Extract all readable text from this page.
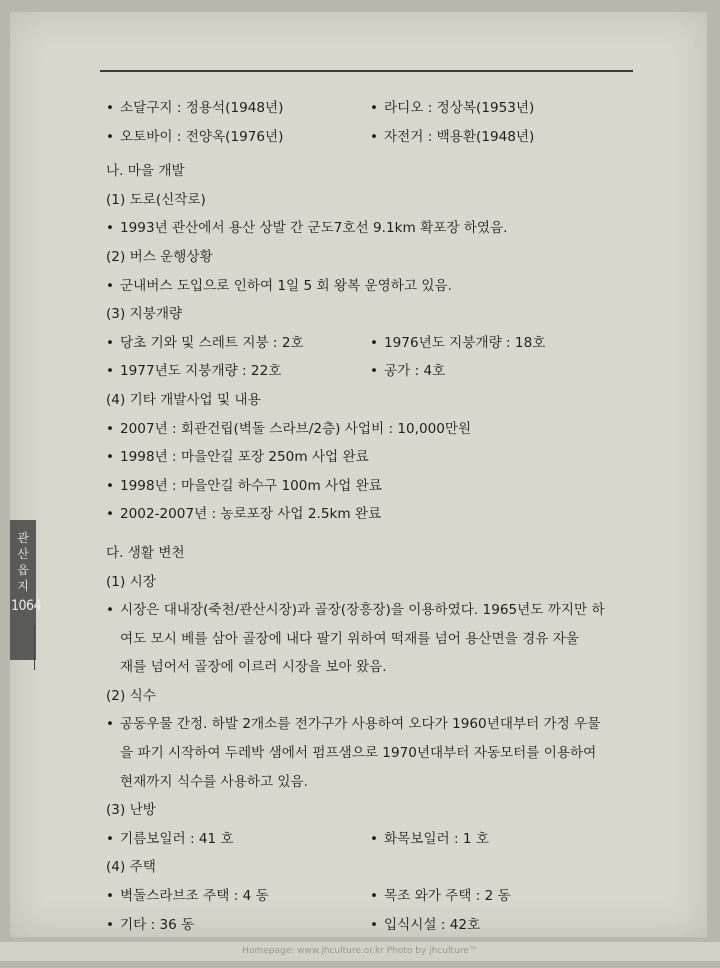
• 소달구지 : 정용석(1948년)	• 라디오 : 정상복(1953년)
• 오토바이 : 전양옥(1976년)	• 자전거 : 백용환(1948년)
나. 마을 개발
(1) 도로(신작로)
• 1993년 관산에서 용산 상발 간 군도7호선 9.1km 확포장 하였음.
(2) 버스 운행상황
• 군내버스 도입으로 인하여 1일 5 회 왕복 운영하고 있음.
(3) 지붕개량
• 당초 기와 및 스레트 지붕 : 2호	• 1976년도 지붕개량 : 18호
• 1977년도 지붕개량 : 22호	• 공가 : 4호
(4) 기타 개발사업 및 내용
• 2007년 : 회관건립(벽돌 스라브/2층) 사업비 : 10,000만원
• 1998년 : 마을안길 포장 250m 사업 완료
• 1998년 : 마을안길 하수구 100m 사업 완료
• 2002-2007년 : 농로포장 사업 2.5km 완료
다. 생활 변천
(1) 시장
• 시장은 대내장(죽천/관산시장)과 골장(장흥장)을 이용하였다. 1965년도 까지만 하
여도 모시 베를 삼아 골장에 내다 팔기 위하여 떡재를 넘어 용산면을 경유 자울
재를 넘어서 골장에 이르러 시장을 보아 왔음.
(2) 식수
• 공동우물 간정. 하발 2개소를 전가구가 사용하여 오다가 1960년대부터 가정 우물
을 파기 시작하여 두레박 샘에서 펌프샘으로 1970년대부터 자동모터를 이용하여
현재까지 식수를 사용하고 있음.
(3) 난방
• 기름보일러 : 41 호	• 화목보일러 : 1 호
(4) 주택
• 벽돌스라브조 주택 : 4 동	• 목조 와가 주택 : 2 동
• 기타 : 36 동	• 입식시설 : 42호
•
관
산
읍
지
1064
Homepage: www.jhculture.or.kr Photo by jhculture™
